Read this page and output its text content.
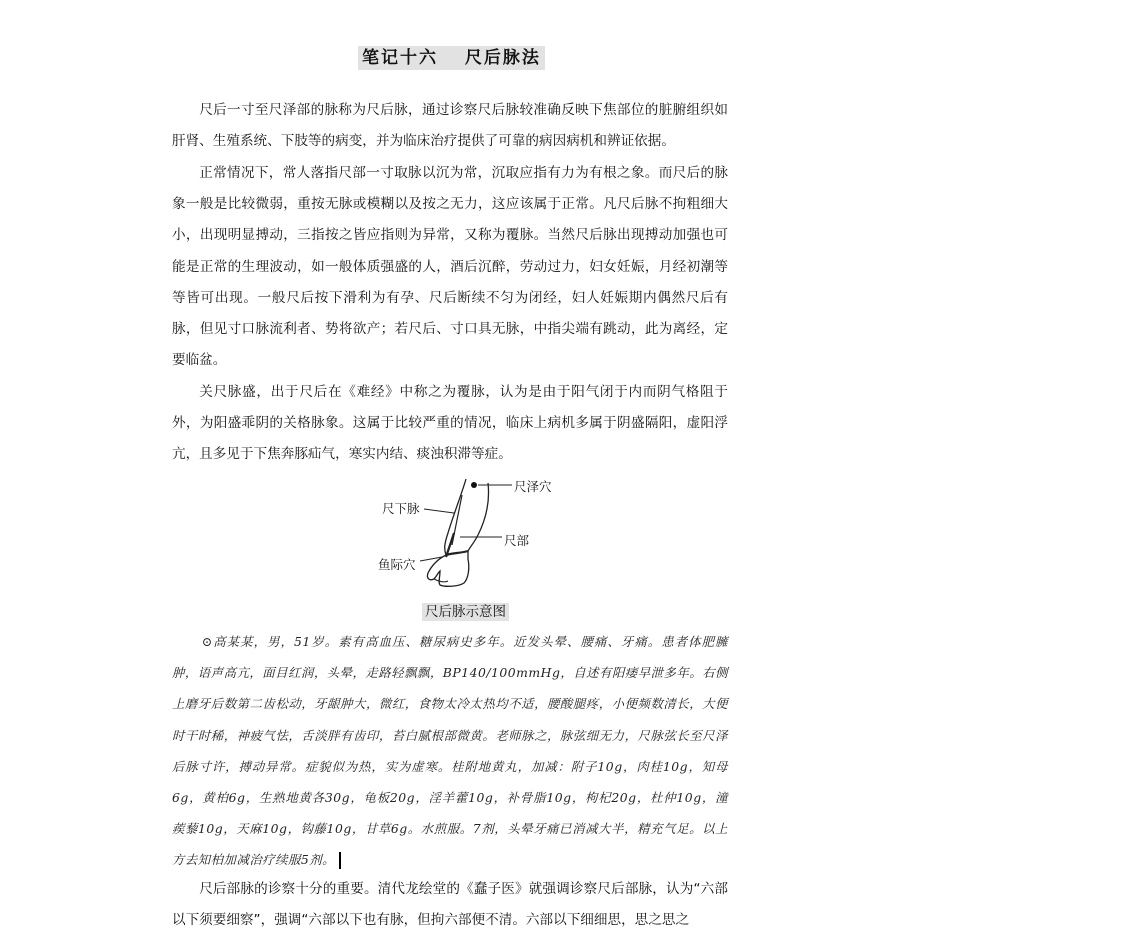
笔记十六　 尺后脉法

尺后一寸至尺泽部的脉称为尺后脉，通过诊察尺后脉较准确反映下焦部位的脏腑组织如肝肾、生殖系统、下肢等的病变，并为临床治疗提供了可靠的病因病机和辨证依据。

正常情况下，常人落指尺部一寸取脉以沉为常，沉取应指有力为有根之象。而尺后的脉象一般是比较微弱，重按无脉或模糊以及按之无力，这应该属于正常。凡尺后脉不拘粗细大小，出现明显搏动，三指按之皆应指则为异常，又称为覆脉。当然尺后脉出现搏动加强也可能是正常的生理波动，如一般体质强盛的人，酒后沉醉，劳动过力，妇女妊娠，月经初潮等等皆可出现。一般尺后按下滑利为有孕、尺后断续不匀为闭经，妇人妊娠期内偶然尺后有脉，但见寸口脉流利者、势将欲产；若尺后、寸口具无脉，中指尖端有跳动，此为离经，定要临盆。

关尺脉盛，出于尺后在《难经》中称之为覆脉，认为是由于阳气闭于内而阴气格阻于外，为阳盛乖阴的关格脉象。这属于比较严重的情况，临床上病机多属于阴盛隔阳，虚阳浮亢，且多见于下焦奔豚疝气，寒实内结、痰浊积滞等症。

尺泽穴
尺下脉
尺部
鱼际穴
尺后脉示意图

⊙高某某，男，51岁。素有高血压、糖尿病史多年。近发头晕、腰痛、牙痛。患者体肥臃肿，语声高亢，面目红润，头晕，走路轻飘飘，BP140/100mmHg，自述有阳痿早泄多年。右侧上磨牙后数第二齿松动，牙龈肿大，微红，食物太冷太热均不适，腰酸腿疼，小便频数清长，大便时干时稀，神疲气怯，舌淡胖有齿印，苔白腻根部微黄。老师脉之，脉弦细无力，尺脉弦长至尺泽后脉寸许，搏动异常。症貌似为热，实为虚寒。桂附地黄丸，加减：附子10g，肉桂10g，知母6g，黄柏6g，生熟地黄各30g，龟板20g，淫羊藿10g，补骨脂10g，枸杞20g，杜仲10g，潼蒺藜10g，天麻10g，钩藤10g，甘草6g。水煎服。7剂，头晕牙痛已消减大半，精充气足。以上方去知柏加减治疗续服5剂。

尺后部脉的诊察十分的重要。清代龙绘堂的《蠢子医》就强调诊察尺后部脉，认为“六部以下须要细察”，强调“六部以下也有脉，但拘六部便不清。六部以下细细思，思之思之
